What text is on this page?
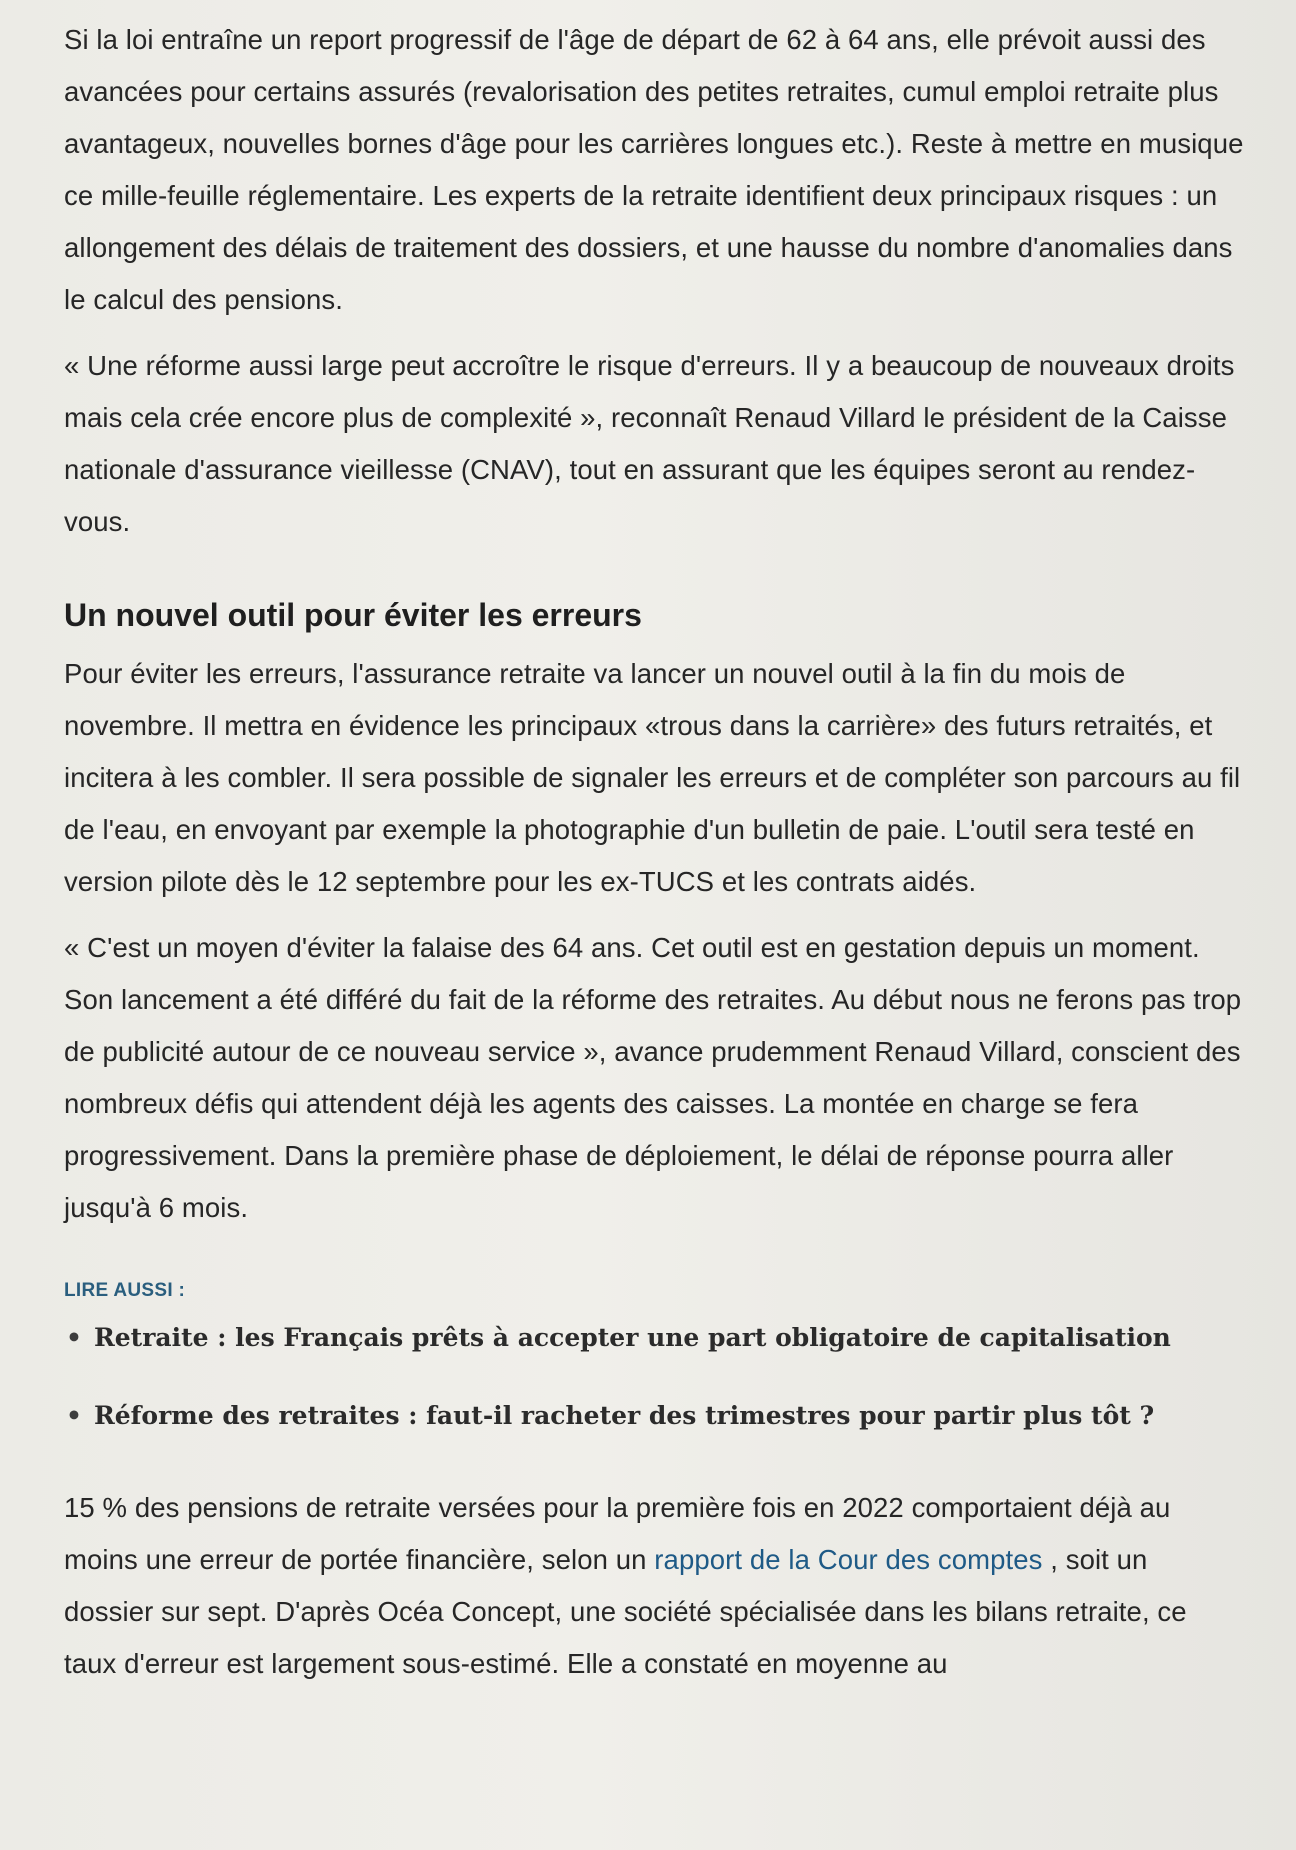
Si la loi entraîne un report progressif de l'âge de départ de 62 à 64 ans, elle prévoit aussi des avancées pour certains assurés (revalorisation des petites retraites, cumul emploi retraite plus avantageux, nouvelles bornes d'âge pour les carrières longues etc.). Reste à mettre en musique ce mille-feuille réglementaire. Les experts de la retraite identifient deux principaux risques : un allongement des délais de traitement des dossiers, et une hausse du nombre d'anomalies dans le calcul des pensions.

« Une réforme aussi large peut accroître le risque d'erreurs. Il y a beaucoup de nouveaux droits mais cela crée encore plus de complexité », reconnaît Renaud Villard le président de la Caisse nationale d'assurance vieillesse (CNAV), tout en assurant que les équipes seront au rendez-vous.

Un nouvel outil pour éviter les erreurs

Pour éviter les erreurs, l'assurance retraite va lancer un nouvel outil à la fin du mois de novembre. Il mettra en évidence les principaux «trous dans la carrière» des futurs retraités, et incitera à les combler. Il sera possible de signaler les erreurs et de compléter son parcours au fil de l'eau, en envoyant par exemple la photographie d'un bulletin de paie. L'outil sera testé en version pilote dès le 12 septembre pour les ex-TUCS et les contrats aidés.

« C'est un moyen d'éviter la falaise des 64 ans. Cet outil est en gestation depuis un moment. Son lancement a été différé du fait de la réforme des retraites. Au début nous ne ferons pas trop de publicité autour de ce nouveau service », avance prudemment Renaud Villard, conscient des nombreux défis qui attendent déjà les agents des caisses. La montée en charge se fera progressivement. Dans la première phase de déploiement, le délai de réponse pourra aller jusqu'à 6 mois.

LIRE AUSSI :
• Retraite : les Français prêts à accepter une part obligatoire de capitalisation
• Réforme des retraites : faut-il racheter des trimestres pour partir plus tôt ?

15 % des pensions de retraite versées pour la première fois en 2022 comportaient déjà au moins une erreur de portée financière, selon un rapport de la Cour des comptes , soit un dossier sur sept. D'après Océa Concept, une société spécialisée dans les bilans retraite, ce taux d'erreur est largement sous-estimé. Elle a constaté en moyenne au
